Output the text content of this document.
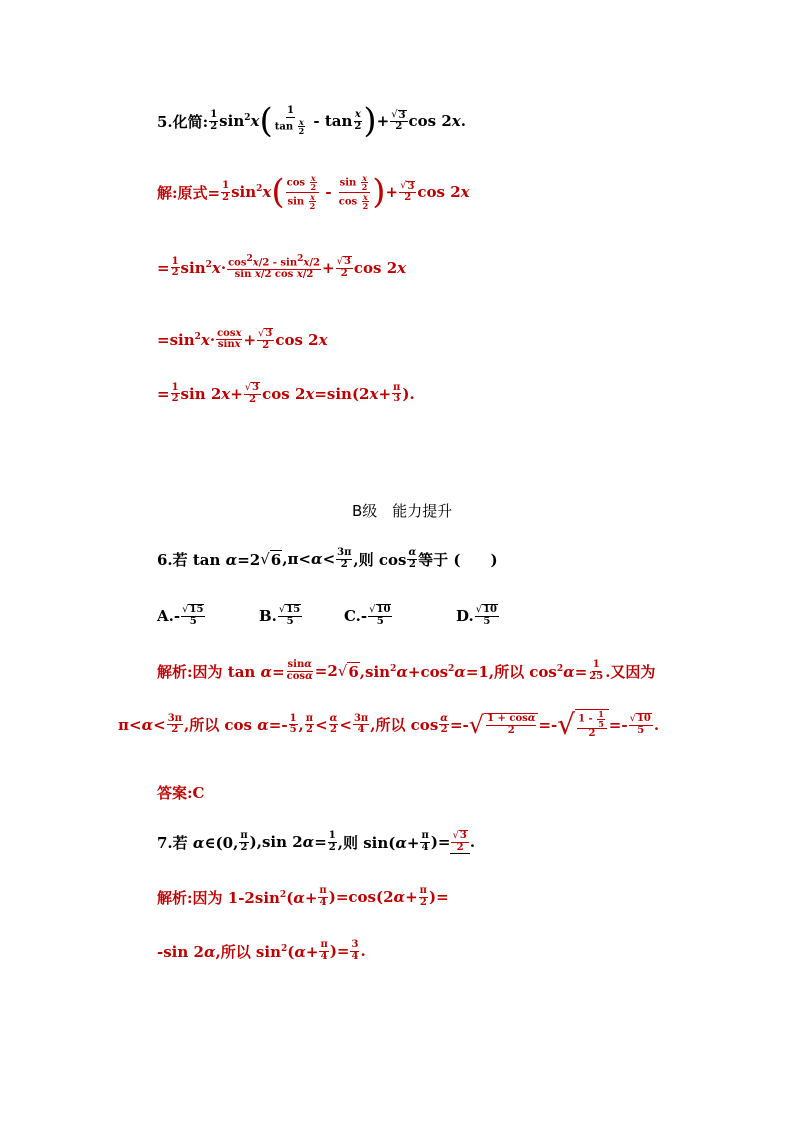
5.化简: $\frac{1}{2} \sin^2x$ ( $\frac{1}{\tan \frac{x}{2}}$ - $\tan \frac{x}{2}$ ) + $\frac{√ 3}{2}$ cos 2x.
解: 原式= $\frac{1}{2} \sin^2x$ ( $\frac{\cos \frac{x}{2}}{\sin \frac{x}{2}} - \frac{\sin \frac{x}{2}}{\cos \frac{x}{2}}$ ) + $\frac{√ 3}{2}$ cos 2x
= $\frac{1}{2} \sin^2x\cdot \frac{\cos 2x/2 - \sin 2x/2}{\text{sin x/2 cos x/2}} + \frac{√ 3}{2}$ cos 2x
$=\sin^2x\cdot \frac{\cos x}{\sin x} + \frac{√ 3}{2}$ cos 2x
= $\frac{1}{2}$ $\sin 2x+ \frac{√ 3}{2}$ $\cos 2x=\sin(2x+ \frac{\pi}{3}$ ).
B级　能力提升
6.若 tan α=2 √ 6 $,\pi<\alpha< \frac{3\pi}{2}$ ,则 $\cos \frac{\alpha}{2}$ 等于 (　　)
A. - $\frac{√ 15}{5}$	B. $\frac{√ 15}{5}$	C. - $\frac{√ 10}{5}$	D. $\frac{√ 10}{5}$
解析: 因为 $\tan \alpha= \frac{\sin\alpha}{\cos\alpha} =2$ √ 6 $,\sin^2\alpha+\cos^2\alpha=1$,所以 $\cos^2\alpha= \frac{1}{25}$ .又因为
$\pi<\alpha< \frac{3\pi}{2}$ ,所以 $\cos \alpha=- \frac{1}{5}$ , $\frac{\pi}{2} < \frac{\alpha}{2} < \frac{3\pi}{4}$ ,所以 $\cos \frac{\alpha}{2}$ =- √ $\frac{1 + \cos\alpha}{2}$ =- √ $\frac{1 - \frac{1}{5}}{2} =- \frac{√ 10}{5}$ .
答案: C
7.若 α∈(0, $\frac{\pi}{2} ),\sin$ $2\alpha= \frac{1}{2}$ ,则 $\sin(\alpha+ \frac{\pi}{4}$ )= $\frac{√ 3}{2}$ .
解析: 因为 $1-2\sin^2(\alpha+ \frac{\pi}{4} )=\cos(2\alpha+ \frac{\pi}{2}$ )=
-sin 2α,所以 $\sin^2(\alpha+ \frac{\pi}{4}$ )= $\frac{3}{4}$ .
